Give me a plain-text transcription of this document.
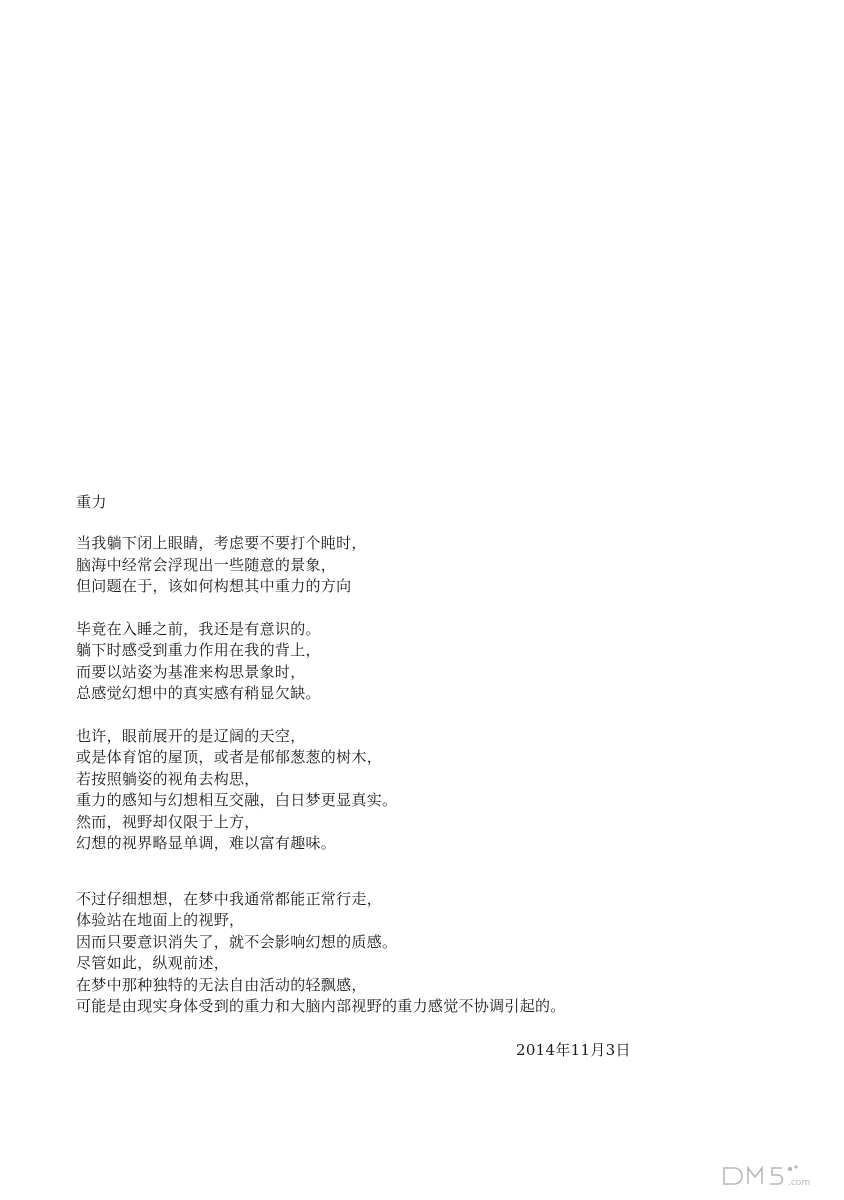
重力
当我躺下闭上眼睛，考虑要不要打个盹时，
脑海中经常会浮现出一些随意的景象，
但问题在于，该如何构想其中重力的方向
毕竟在入睡之前，我还是有意识的。
躺下时感受到重力作用在我的背上，
而要以站姿为基准来构思景象时，
总感觉幻想中的真实感有稍显欠缺。
也许，眼前展开的是辽阔的天空，
或是体育馆的屋顶，或者是郁郁葱葱的树木，
若按照躺姿的视角去构思，
重力的感知与幻想相互交融，白日梦更显真实。
然而，视野却仅限于上方，
幻想的视界略显单调，难以富有趣味。
不过仔细想想，在梦中我通常都能正常行走，
体验站在地面上的视野，
因而只要意识消失了，就不会影响幻想的质感。
尽管如此，纵观前述，
在梦中那种独特的无法自由活动的轻飘感，
可能是由现实身体受到的重力和大脑内部视野的重力感觉不协调引起的。
2014年11月3日
.com
